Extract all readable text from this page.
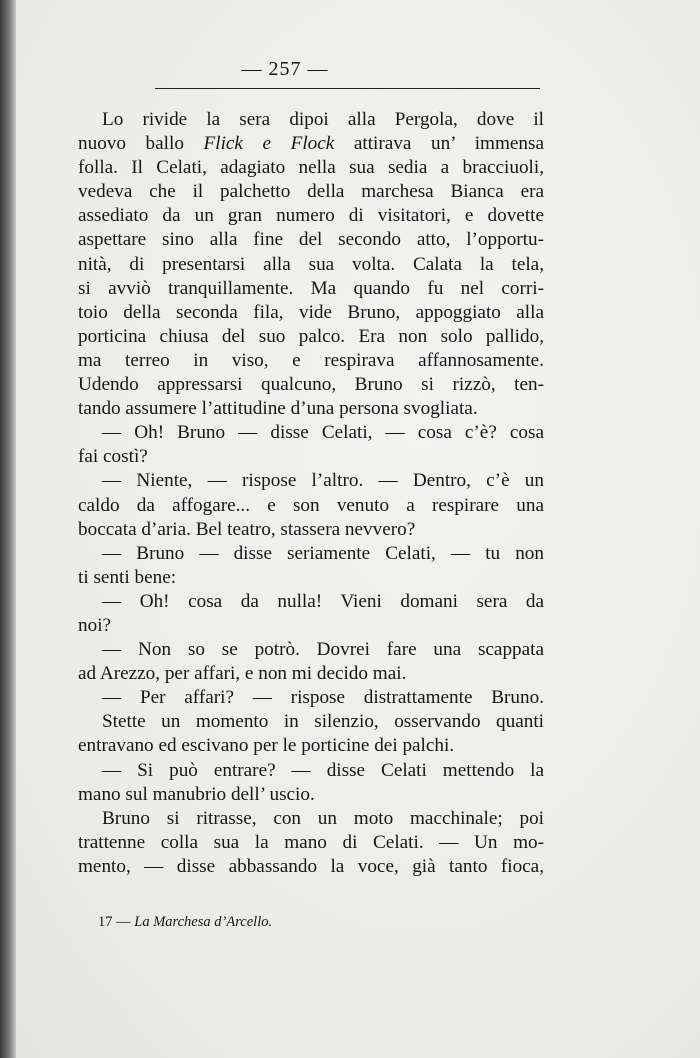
— 257 —
Lo rivide la sera dipoi alla Pergola, dove il
nuovo ballo Flick e Flock attirava un’ immensa
folla. Il Celati, adagiato nella sua sedia a bracciuoli,
vedeva che il palchetto della marchesa Bianca era
assediato da un gran numero di visitatori, e dovette
aspettare sino alla fine del secondo atto, l’opportu-
nità, di presentarsi alla sua volta. Calata la tela,
si avviò tranquillamente. Ma quando fu nel corri-
toio della seconda fila, vide Bruno, appoggiato alla
porticina chiusa del suo palco. Era non solo pallido,
ma terreo in viso, e respirava affannosamente.
Udendo appressarsi qualcuno, Bruno si rizzò, ten-
tando assumere l’attitudine d’una persona svogliata.
— Oh! Bruno — disse Celati, — cosa c’è? cosa
fai costì?
— Niente, — rispose l’altro. — Dentro, c’è un
caldo da affogare... e son venuto a respirare una
boccata d’aria. Bel teatro, stassera nevvero?
— Bruno — disse seriamente Celati, — tu non
ti senti bene:
— Oh! cosa da nulla! Vieni domani sera da
noi?
— Non so se potrò. Dovrei fare una scappata
ad Arezzo, per affari, e non mi decido mai.
— Per affari? — rispose distrattamente Bruno.
Stette un momento in silenzio, osservando quanti
entravano ed escivano per le porticine dei palchi.
— Si può entrare? — disse Celati mettendo la
mano sul manubrio dell’ uscio.
Bruno si ritrasse, con un moto macchinale; poi
trattenne colla sua la mano di Celati. — Un mo-
mento, — disse abbassando la voce, già tanto fioca,
17 — La Marchesa d’Arcello.
